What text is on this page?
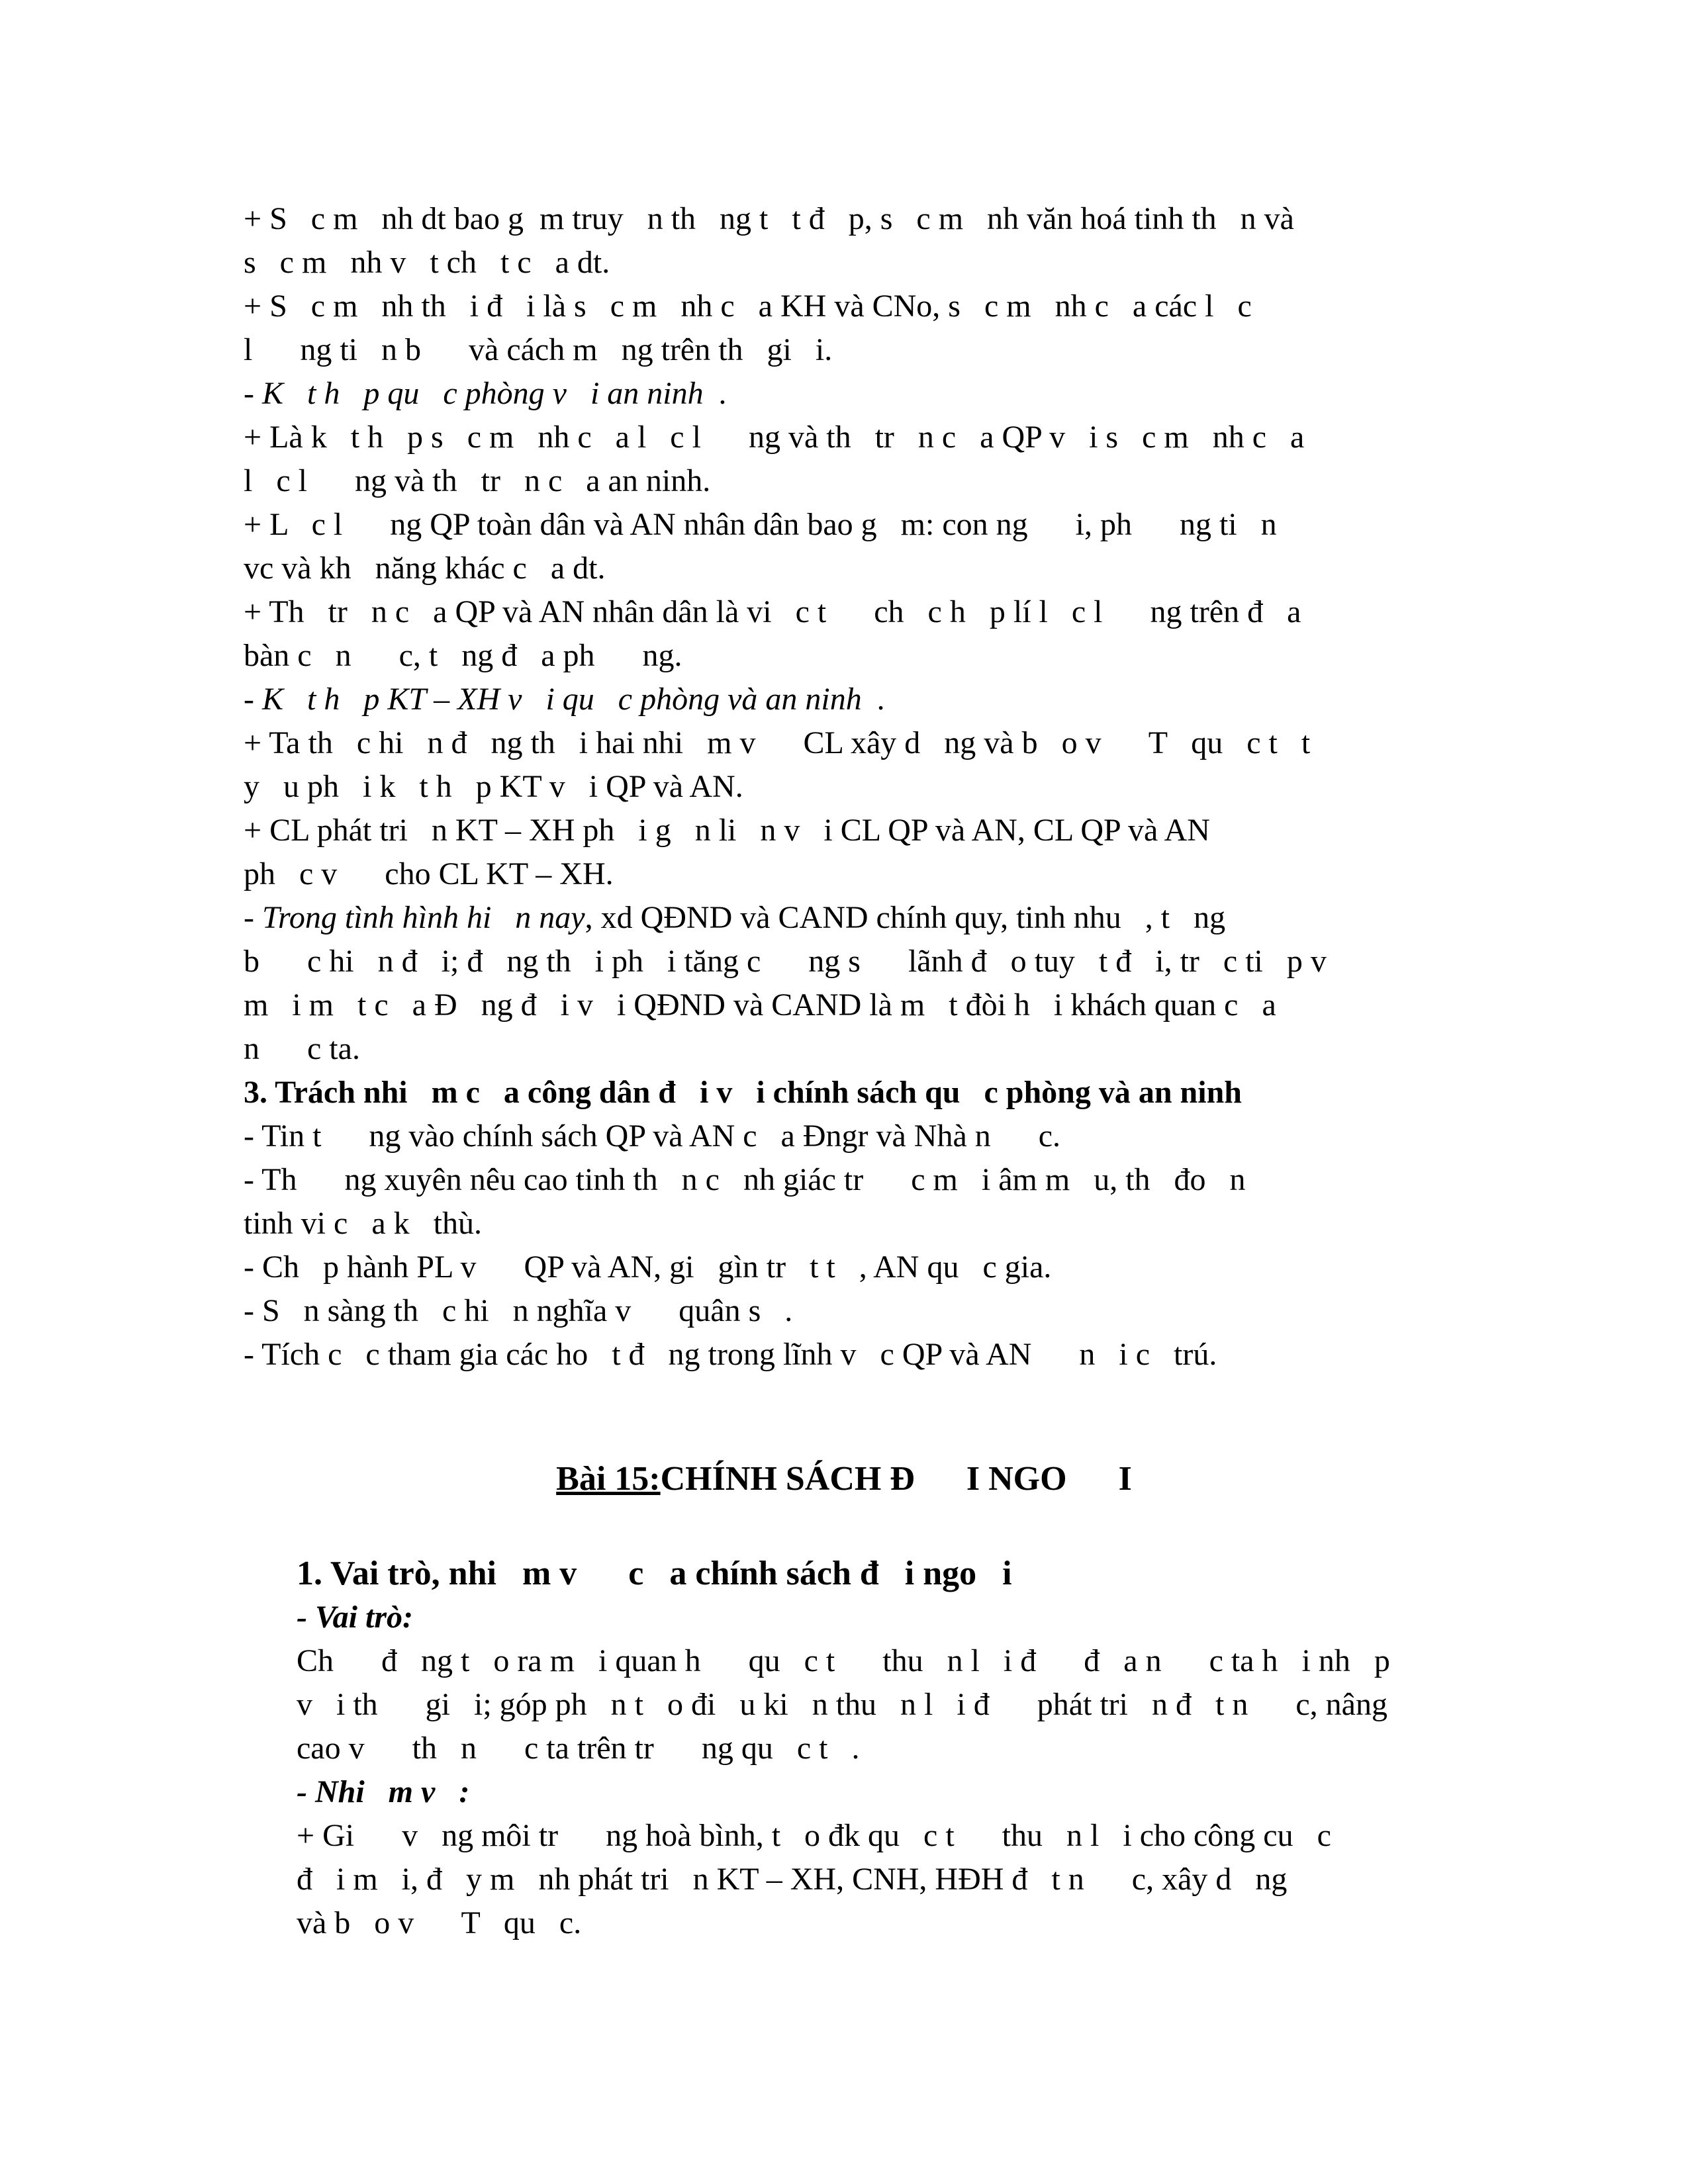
+ S   c m   nh dt bao g  m truy   n th   ng t   t đ   p, s   c m   nh văn hoá tinh th   n và
s   c m   nh v   t ch   t c   a dt.
+ S   c m   nh th   i đ   i là s   c m   nh c   a KH và CNo, s   c m   nh c   a các l   c
l      ng ti   n b      và cách m   ng trên th   gi   i.
- K   t h   p qu   c phòng v   i an ninh  .
+ Là k   t h   p s   c m   nh c   a l   c l      ng và th   tr   n c   a QP v   i s   c m   nh c   a
l   c l      ng và th   tr   n c   a an ninh.
+ L   c l      ng QP toàn dân và AN nhân dân bao g   m: con ng      i, ph      ng ti   n
vc và kh   năng khác c   a dt.
+ Th   tr   n c   a QP và AN nhân dân là vi   c t      ch   c h   p lí l   c l      ng trên đ   a
bàn c   n      c, t   ng đ   a ph      ng.
- K   t h   p KT – XH v   i qu   c phòng và an ninh  .
+ Ta th   c hi   n đ   ng th   i hai nhi   m v      CL xây d   ng và b   o v      T   qu   c t   t
y   u ph   i k   t h   p KT v   i QP và AN.
+ CL phát tri   n KT – XH ph   i g   n li   n v   i CL QP và AN, CL QP và AN
ph   c v      cho CL KT – XH.
- Trong tình hình hi   n nay, xd QĐND và CAND chính quy, tinh nhu   , t   ng
b      c hi   n đ   i; đ   ng th   i ph   i tăng c      ng s      lãnh đ   o tuy   t đ   i, tr   c ti   p v
m   i m   t c   a Đ   ng đ   i v   i QĐND và CAND là m   t đòi h   i khách quan c   a
n      c ta.
3. Trách nhi   m c   a công dân đ   i v   i chính sách qu   c phòng và an ninh
- Tin t      ng vào chính sách QP và AN c   a Đngr và Nhà n      c.
- Th      ng xuyên nêu cao tinh th   n c   nh giác tr      c m   i âm m   u, th   đo   n
tinh vi c   a k   thù.
- Ch   p hành PL v      QP và AN, gi   gìn tr   t t   , AN qu   c gia.
- S   n sàng th   c hi   n nghĩa v      quân s   .
- Tích c   c tham gia các ho   t đ   ng trong lĩnh v   c QP và AN      n   i c   trú.
Bài 15:CHÍNH SÁCH Đ      I NGO      I
1. Vai trò, nhi   m v      c   a chính sách đ   i ngo   i
- Vai trò:
Ch      đ   ng t   o ra m   i quan h      qu   c t      thu   n l   i đ      đ   a n      c ta h   i nh   p
v   i th      gi   i; góp ph   n t   o đi   u ki   n thu   n l   i đ      phát tri   n đ   t n      c, nâng
cao v      th   n      c ta trên tr      ng qu   c t   .
- Nhi   m v   :
+ Gi      v   ng môi tr      ng hoà bình, t   o đk qu   c t      thu   n l   i cho công cu   c
đ   i m   i, đ   y m   nh phát tri   n KT – XH, CNH, HĐH đ   t n      c, xây d   ng
và b   o v      T   qu   c.
